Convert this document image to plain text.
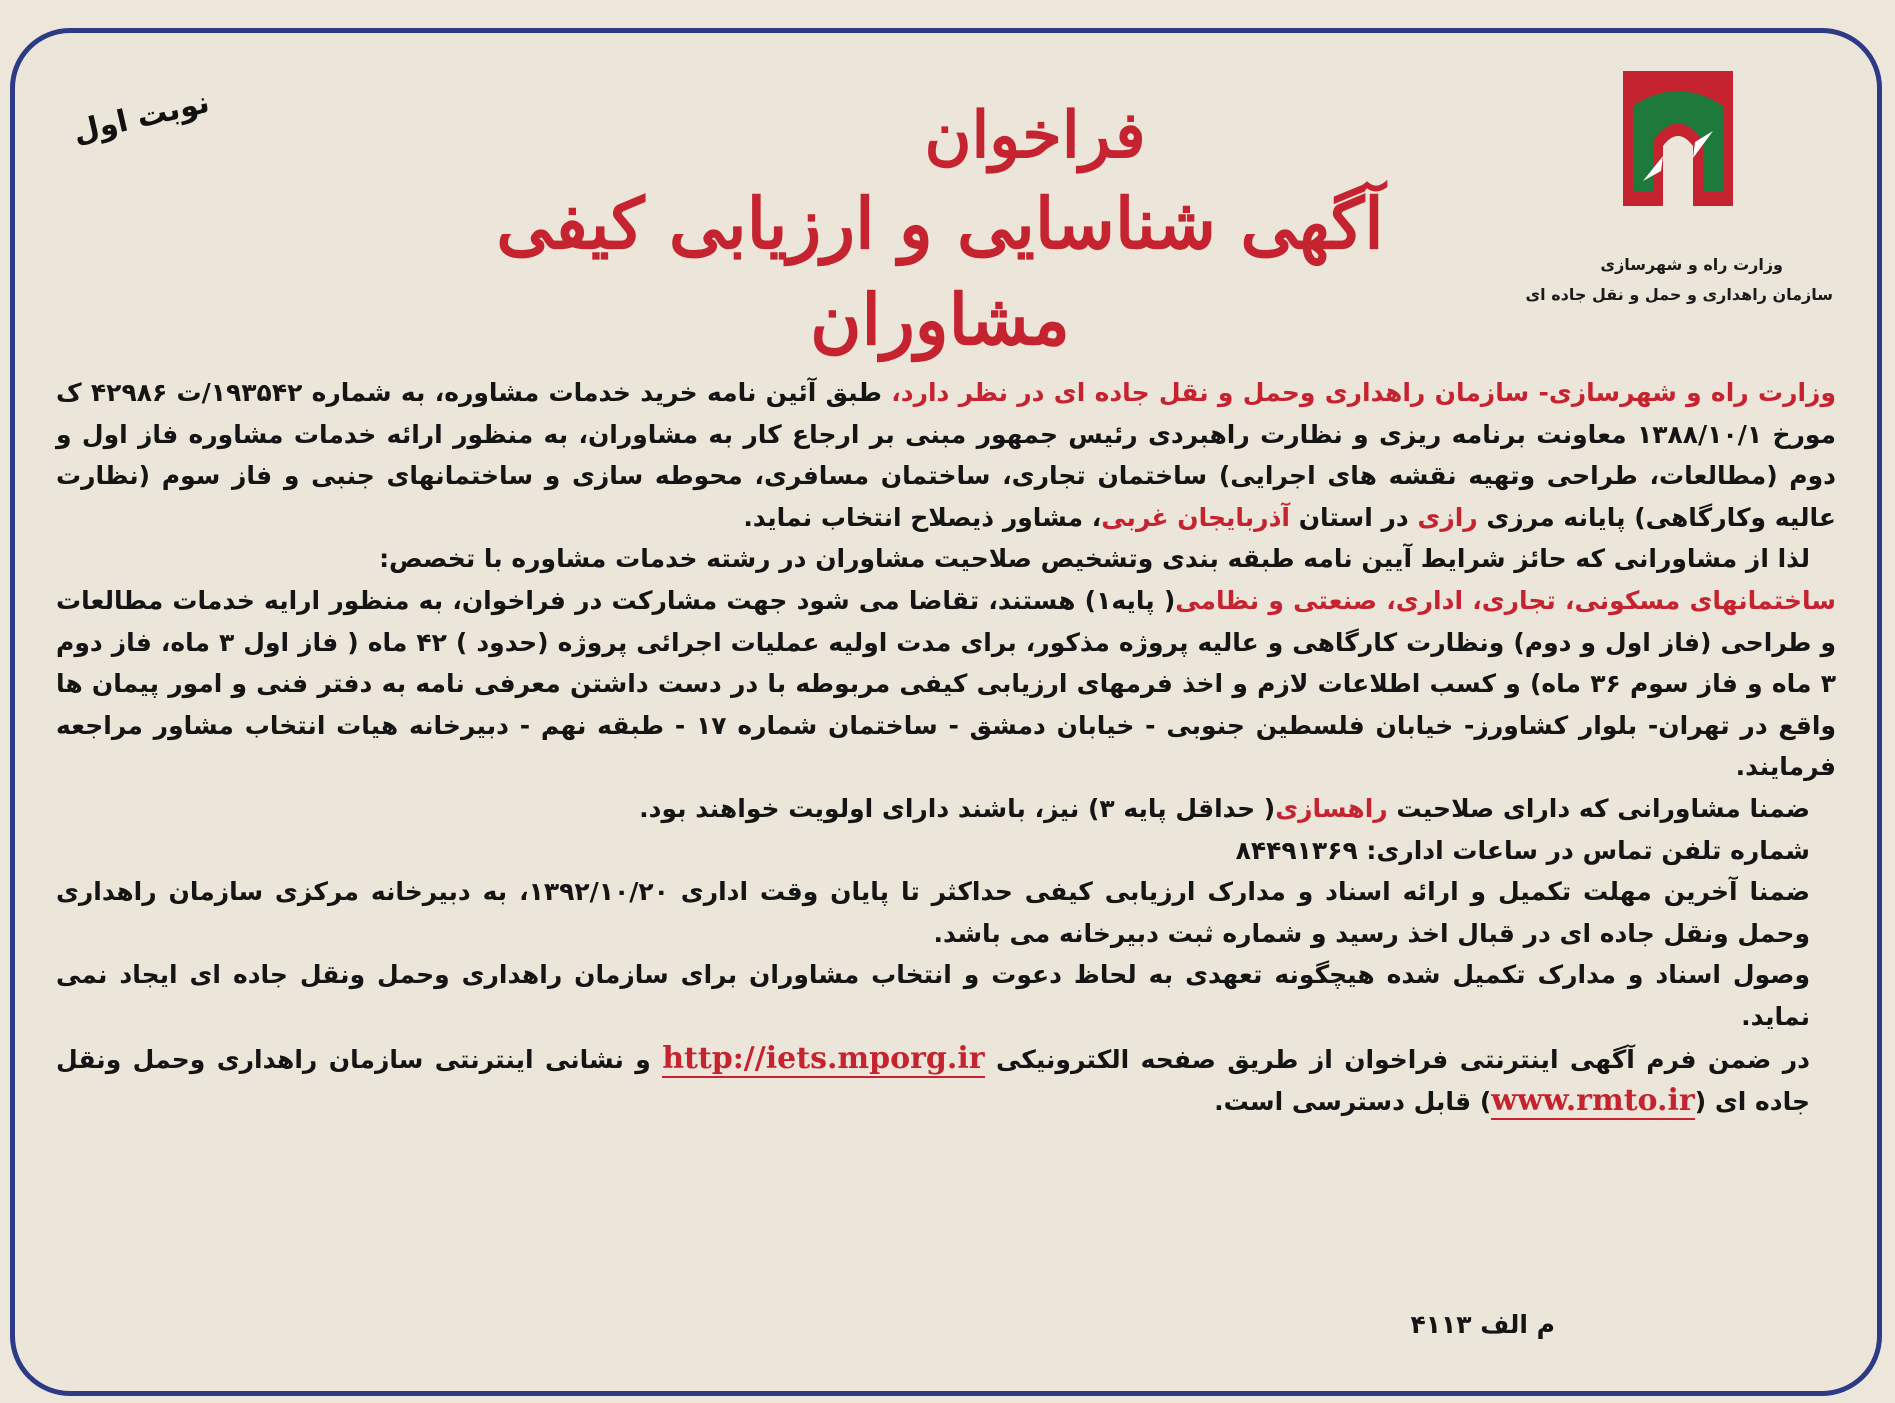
وزارت راه و شهرسازی
سازمان راهداری و حمل و نقل جاده ای
نوبت اول	فراخوان
آگهی شناسایی و ارزیابی کیفی مشاوران

وزارت راه و شهرسازی- سازمان راهداری وحمل و نقل جاده ای در نظر دارد، طبق آئین نامه خرید خدمات مشاوره، به شماره ۱۹۳۵۴۲/ت ۴۲۹۸۶ ک مورخ ۱۳۸۸/۱۰/۱ معاونت برنامه ریزی و نظارت راهبردی رئیس جمهور مبنی بر ارجاع کار به مشاوران، به منظور ارائه خدمات مشاوره فاز اول و دوم (مطالعات، طراحی وتهیه نقشه های اجرایی) ساختمان تجاری، ساختمان مسافری، محوطه سازی و ساختمانهای جنبی و فاز سوم (نظارت عالیه وکارگاهی) پایانه مرزی رازی در استان آذربایجان غربی، مشاور ذیصلاح انتخاب نماید.

لذا از مشاورانی که حائز شرایط آیین نامه طبقه بندی وتشخیص صلاحیت مشاوران در رشته خدمات مشاوره با تخصص:

ساختمانهای مسکونی، تجاری، اداری، صنعتی و نظامی( پایه۱) هستند، تقاضا می شود جهت مشارکت در فراخوان، به منظور ارایه خدمات مطالعات و طراحی (فاز اول و دوم) ونظارت کارگاهی و عالیه پروژه مذکور، برای مدت اولیه عملیات اجرائی پروژه (حدود ) ۴۲ ماه ( فاز اول ۳ ماه، فاز دوم ۳ ماه و فاز سوم ۳۶ ماه) و کسب اطلاعات لازم و اخذ فرمهای ارزیابی کیفی مربوطه با در دست داشتن معرفی نامه به دفتر فنی و امور پیمان ها واقع در تهران- بلوار کشاورز- خیابان فلسطین جنوبی - خیابان دمشق - ساختمان شماره ۱۷ - طبقه نهم - دبیرخانه هیات انتخاب مشاور مراجعه فرمایند.

ضمنا مشاورانی که دارای صلاحیت راهسازی( حداقل پایه ۳) نیز، باشند دارای اولویت خواهند بود.

شماره تلفن تماس در ساعات اداری: ۸۴۴۹۱۳۶۹

ضمنا آخرین مهلت تکمیل و ارائه اسناد و مدارک ارزیابی کیفی حداکثر تا پایان وقت اداری ۱۳۹۲/۱۰/۲۰، به دبیرخانه مرکزی سازمان راهداری وحمل ونقل جاده ای در قبال اخذ رسید و شماره ثبت دبیرخانه می باشد.

وصول اسناد و مدارک تکمیل شده هیچگونه تعهدی به لحاظ دعوت و انتخاب مشاوران برای سازمان راهداری وحمل ونقل جاده ای ایجاد نمی نماید.

در ضمن فرم آگهی اینترنتی فراخوان از طریق صفحه الکترونیکی http://iets.mporg.ir و نشانی اینترنتی سازمان راهداری وحمل ونقل جاده ای (www.rmto.ir) قابل دسترسی است.

م الف ۴۱۱۳
